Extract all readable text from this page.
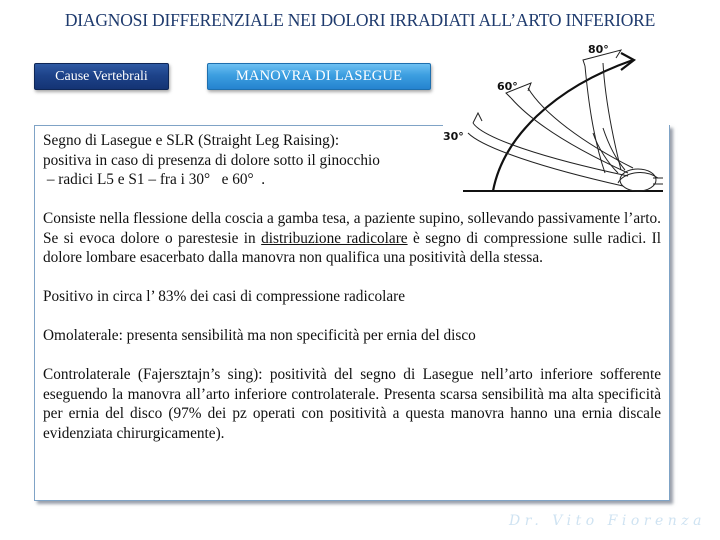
DIAGNOSI DIFFERENZIALE NEI DOLORI IRRADIATI ALL’ARTO INFERIORE
Cause Vertebrali	MANOVRA DI LASEGUE

Segno di Lasegue e SLR (Straight Leg Raising):

positiva in caso di presenza di dolore sotto il ginocchio

– radici L5 e S1 – fra i 30°   e 60°  .

Consiste nella flessione della coscia a gamba tesa, a paziente supino, sollevando passivamente l’arto. Se si evoca dolore o parestesie in distribuzione radicolare è segno di compressione sulle radici. Il dolore lombare esacerbato dalla manovra non qualifica una positività della stessa.

Positivo in circa l’ 83% dei casi di compressione radicolare

Omolaterale: presenta sensibilità ma non specificità per ernia del disco

Controlaterale (Fajersztajn’s sing): positività del segno di Lasegue nell’arto inferiore sofferente eseguendo la manovra all’arto inferiore controlaterale. Presenta scarsa sensibilità ma alta specificità per ernia del disco (97% dei pz operati con positività a questa manovra hanno una ernia discale evidenziata chirurgicamente).

30°
60°
80°
Dr. Vito Fiorenza
